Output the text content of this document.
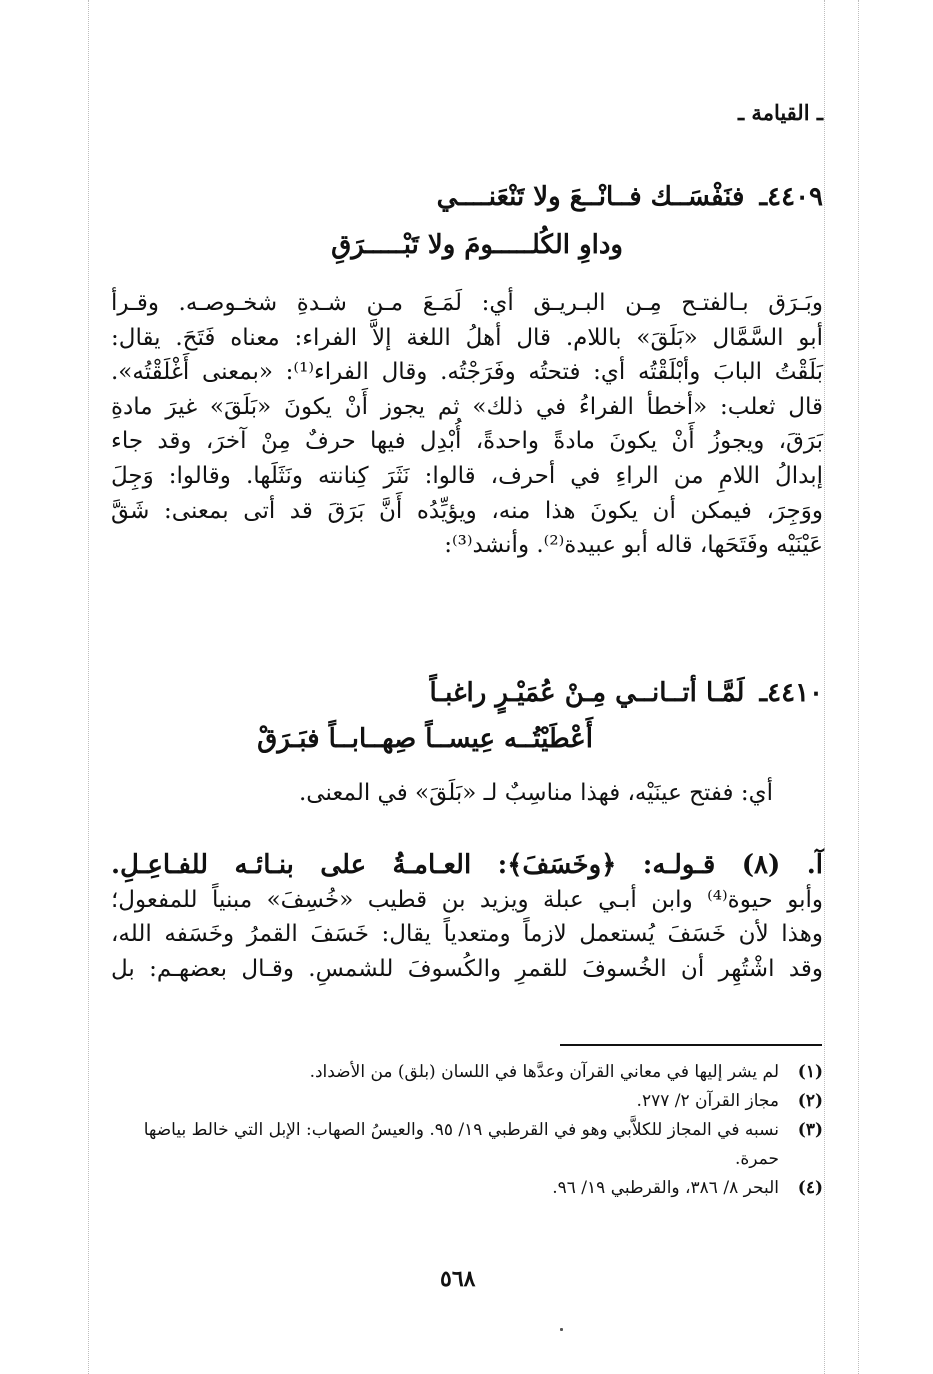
ـ القيامة ـ
٤٤٠٩ـ فنَفْسَــك فــانْــعَ ولا تَنْعَنــــي
وداوِ الكُلـــــومَ ولا تَبْـــــرَقِ
وبَـرَق بـالفتـح مِـن البـريـق أي: لَمَـعَ مـن شـدةِ شخـوصـه. وقـرأ
أبو السَّمَّال «بَلَقَ» باللام. قال أهلُ اللغة إلاَّ الفراء: معناه فَتَحَ. يقال:
بَلَقْتُ البابَ وأبْلَقْتُه أي: فتحتُه وفَرَجْتُه. وقال الفراء⁽¹⁾: «بمعنى أَغْلَقْتُه».
قال ثعلب: «أخطأ الفراءُ في ذلك» ثم يجوز أَنْ يكونَ «بَلَقَ» غيرَ مادةِ
بَرَقَ، ويجوزُ أَنْ يكونَ مادةً واحدةً، أُبْدِل فيها حرفٌ مِنْ آخرَ، وقد جاء
إبدالُ اللامِ من الراءِ في أحرف، قالوا: نَثَرَ كِنانته ونَثَلَها. وقالوا: وَجِلَ
ووَجِرَ، فيمكن أن يكونَ هذا منه، ويؤيِّدُه أَنَّ بَرَقَ قد أتى بمعنى: شَقَّ
عَيْنَيْه وفَتَحَها، قاله أبو عبيدة⁽²⁾. وأنشد⁽³⁾:
٤٤١٠ـ لَمَّـا أتــانــي مِـنْ عُمَيْـرٍ راغبـاً
أَعْطَيْتُــه عِيســاً صِهــابــاً فبَـرَقْ
أي: ففتح عينَيْه، فهذا مناسِبٌ لـ «بَلَقَ» في المعنى.
آ. (٨) قـولـه: ﴿وخَسَفَ﴾: العـامـةُ على بنـائـه للفـاعِـلِ.
وأبو حيوة⁽⁴⁾ وابن أبـي عبلة ويزيد بن قطيب «خُسِفَ» مبنياً للمفعول؛
وهذا لأن خَسَفَ يُستعمل لازماً ومتعدياً يقال: خَسَفَ القمرُ وخَسَفه الله،
وقد اشْتُهِر أن الخُسوفَ للقمرِ والكُسوفَ للشمسِ. وقـال بعضهـم: بل
(١)
لم يشر إليها في معاني القرآن وعدَّها في اللسان (بلق) من الأضداد.
(٢)
مجاز القرآن ٢/ ٢٧٧.
(٣)
نسبه في المجاز للكلاَّبي وهو في القرطبي ١٩/ ٩٥. والعيسُ الصهاب: الإبل التي خالط بياضها حمرة.
(٤)
البحر ٨/ ٣٨٦، والقرطبي ١٩/ ٩٦.
٥٦٨
